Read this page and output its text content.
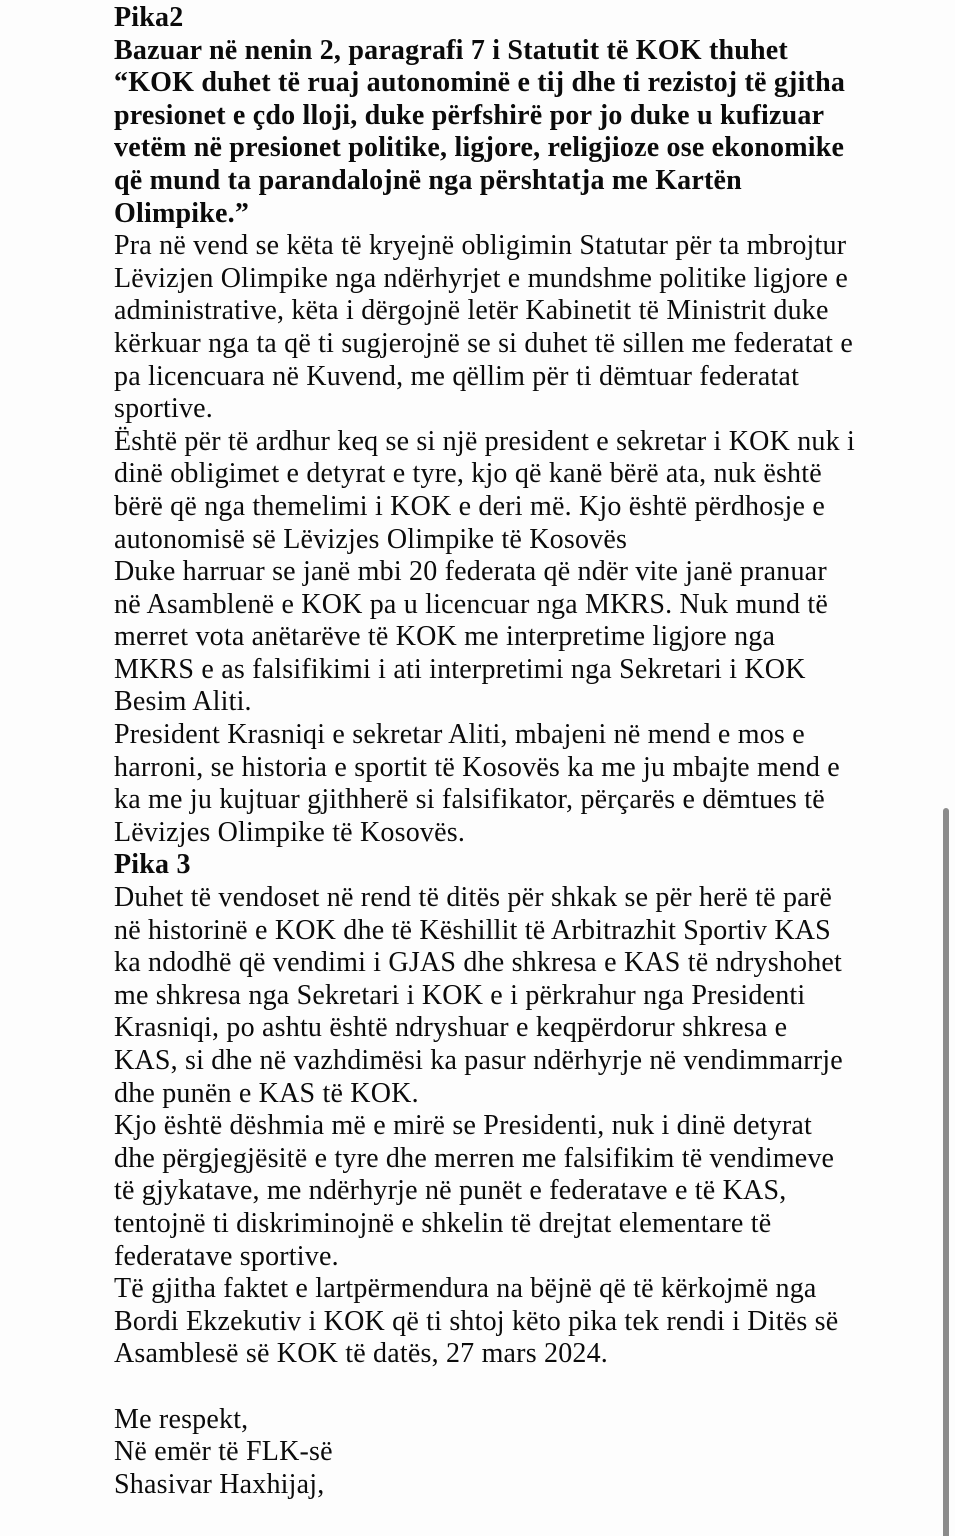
Pika2
Bazuar në nenin 2, paragrafi 7 i Statutit të KOK thuhet
“KOK duhet të ruaj autonominë e tij dhe ti rezistoj të gjitha
presionet e çdo lloji, duke përfshirë por jo duke u kufizuar
vetëm në presionet politike, ligjore, religjioze ose ekonomike
që mund ta parandalojnë nga përshtatja me Kartën
Olimpike.”
Pra në vend se këta të kryejnë obligimin Statutar për ta mbrojtur
Lëvizjen Olimpike nga ndërhyrjet e mundshme politike ligjore e
administrative, këta i dërgojnë letër Kabinetit të Ministrit duke
kërkuar nga ta që ti sugjerojnë se si duhet të sillen me federatat e
pa licencuara në Kuvend, me qëllim për ti dëmtuar federatat
sportive.
Është për të ardhur keq se si një president e sekretar i KOK nuk i
dinë obligimet e detyrat e tyre, kjo që kanë bërë ata, nuk është
bërë që nga themelimi i KOK e deri më. Kjo është përdhosje e
autonomisë së Lëvizjes Olimpike të Kosovës
Duke harruar se janë mbi 20 federata që ndër vite janë pranuar
në Asamblenë e KOK pa u licencuar nga MKRS. Nuk mund të
merret vota anëtarëve të KOK me interpretime ligjore nga
MKRS e as falsifikimi i ati interpretimi nga Sekretari i KOK
Besim Aliti.
President Krasniqi e sekretar Aliti, mbajeni në mend e mos e
harroni, se historia e sportit të Kosovës ka me ju mbajte mend e
ka me ju kujtuar gjithherë si falsifikator, përçarës e dëmtues të
Lëvizjes Olimpike të Kosovës.
Pika 3
Duhet të vendoset në rend të ditës për shkak se për herë të parë
në historinë e KOK dhe të Këshillit të Arbitrazhit Sportiv KAS
ka ndodhë që vendimi i GJAS dhe shkresa e KAS të ndryshohet
me shkresa nga Sekretari i KOK e i përkrahur nga Presidenti
Krasniqi, po ashtu është ndryshuar e keqpërdorur shkresa e
KAS, si dhe në vazhdimësi ka pasur ndërhyrje në vendimmarrje
dhe punën e KAS të KOK.
Kjo është dëshmia më e mirë se Presidenti, nuk i dinë detyrat
dhe përgjegjësitë e tyre dhe merren me falsifikim të vendimeve
të gjykatave, me ndërhyrje në punët e federatave e të KAS,
tentojnë ti diskriminojnë e shkelin të drejtat elementare të
federatave sportive.
Të gjitha faktet e lartpërmendura na bëjnë që të kërkojmë nga
Bordi Ekzekutiv i KOK që ti shtoj këto pika tek rendi i Ditës së
Asamblesë së KOK të datës, 27 mars 2024.

Me respekt,
Në emër të FLK-së
Shasivar Haxhijaj,
